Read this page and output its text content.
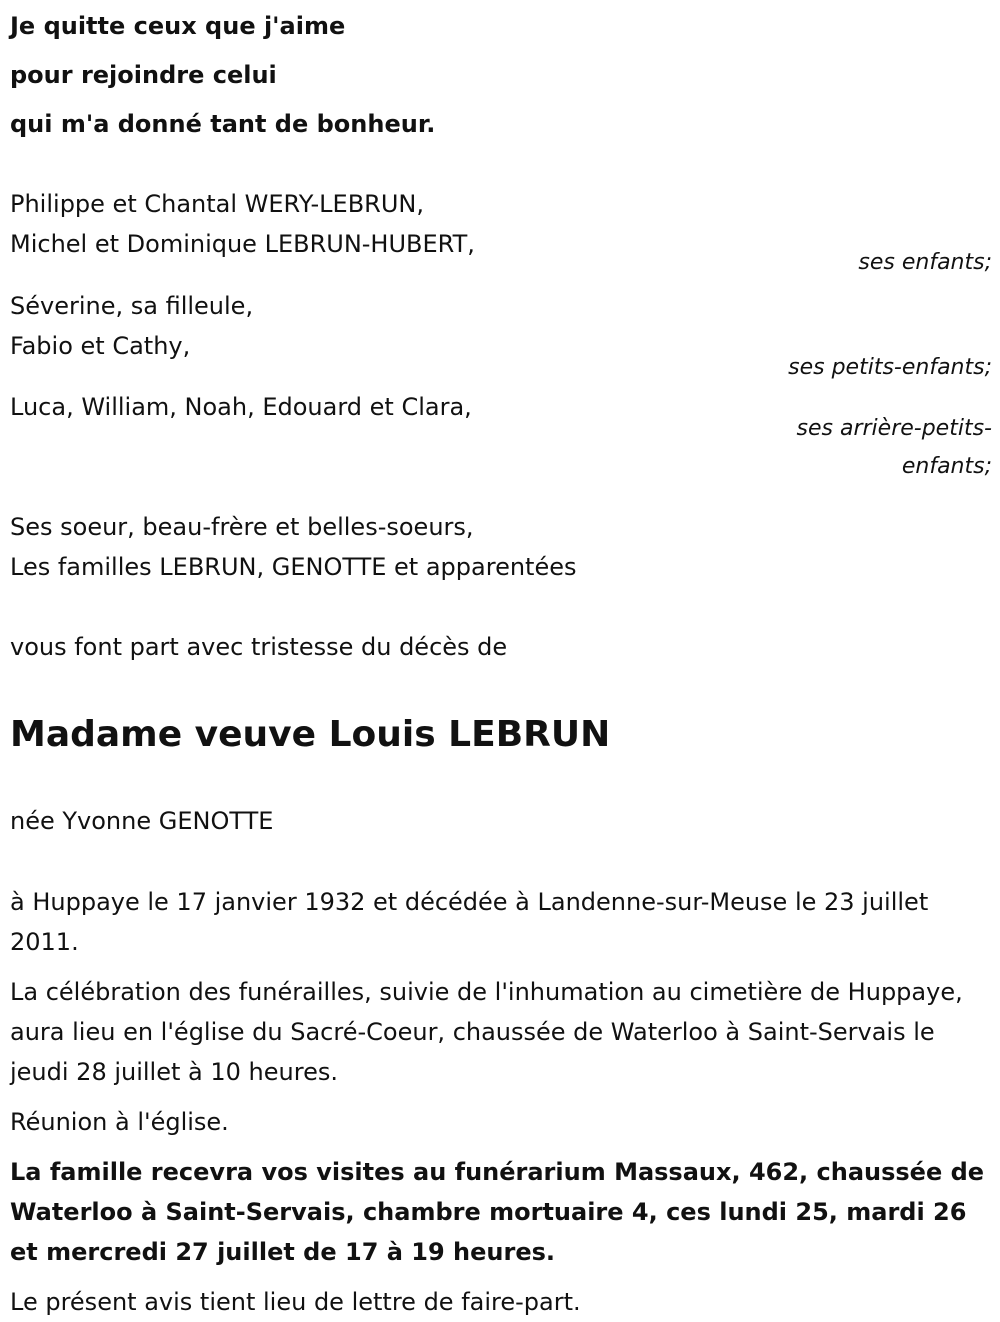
Je quitte ceux que j'aime
pour rejoindre celui
qui m'a donné tant de bonheur.
Philippe et Chantal WERY-LEBRUN,
Michel et Dominique LEBRUN-HUBERT,
ses enfants;
Séverine, sa filleule,
Fabio et Cathy,
ses petits-enfants;
Luca, William, Noah, Edouard et Clara,
ses arrière-petits-enfants;
Ses soeur, beau-frère et belles-soeurs,
Les familles LEBRUN, GENOTTE et apparentées
vous font part avec tristesse du décès de
Madame veuve Louis LEBRUN
née Yvonne GENOTTE
à Huppaye le 17 janvier 1932 et décédée à Landenne-sur-Meuse le 23 juillet 2011.
La célébration des funérailles, suivie de l'inhumation au cimetière de Huppaye, aura lieu en l'église du Sacré-Coeur, chaussée de Waterloo à Saint-Servais le jeudi 28 juillet à 10 heures.
Réunion à l'église.
La famille recevra vos visites au funérarium Massaux, 462, chaussée de Waterloo à Saint-Servais, chambre mortuaire 4, ces lundi 25, mardi 26 et mercredi 27 juillet de 17 à 19 heures.
Le présent avis tient lieu de lettre de faire-part.
